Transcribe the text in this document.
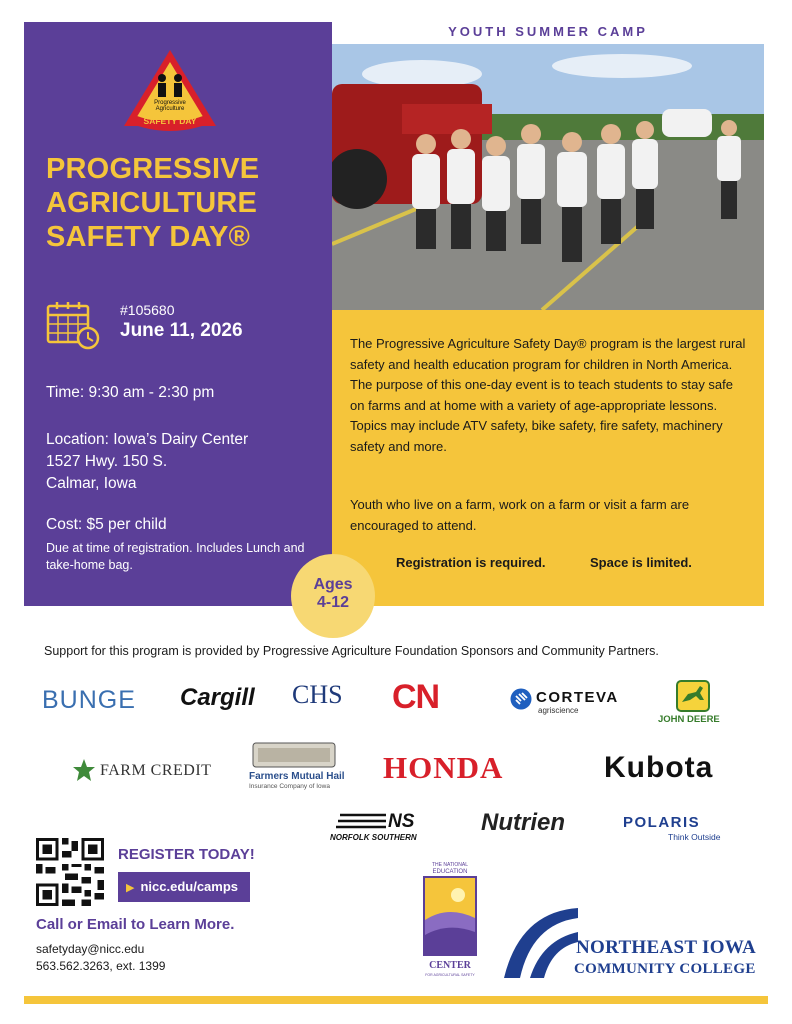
Progressive
Agriculture
SAFETY DAY
PROGRESSIVE
AGRICULTURE
SAFETY DAY®
#105680
June 11, 2026
Time: 9:30 am - 2:30 pm
Location: Iowa’s Dairy Center
1527 Hwy. 150 S.
Calmar, Iowa
Cost: $5 per child
Due at time of registration. Includes Lunch and take-home bag.
YOUTH SUMMER CAMP
The Progressive Agriculture Safety Day® program is the largest rural safety and health education program for children in North America. The purpose of this one-day event is to teach students to stay safe on farms and at home with a variety of age-appropriate lessons. Topics may include ATV safety, bike safety, fire safety, machinery safety and more.
Youth who live on a farm, work on a farm or visit a farm are encouraged to attend.
Registration is required.	Space is limited.
Ages
4-12
Support for this program is provided by Progressive Agriculture Foundation Sponsors and Community Partners.
BUNGE Cargill CHS CN	CORTEVA
agriscience
JOHN DEERE
FARM CREDIT	Farmers Mutual Hail
Insurance Company of Iowa
HONDA	Kubota
NS
NORFOLK SOUTHERN
Nutrien	POLARIS
Think Outside
REGISTER TODAY!
▶ nicc.edu/camps
Call or Email to Learn More.
safetyday@nicc.edu
563.562.3263, ext. 1399
THE NATIONAL
EDUCATION
CENTER
FOR AGRICULTURAL SAFETY
NORTHEAST IOWA
COMMUNITY COLLEGE
